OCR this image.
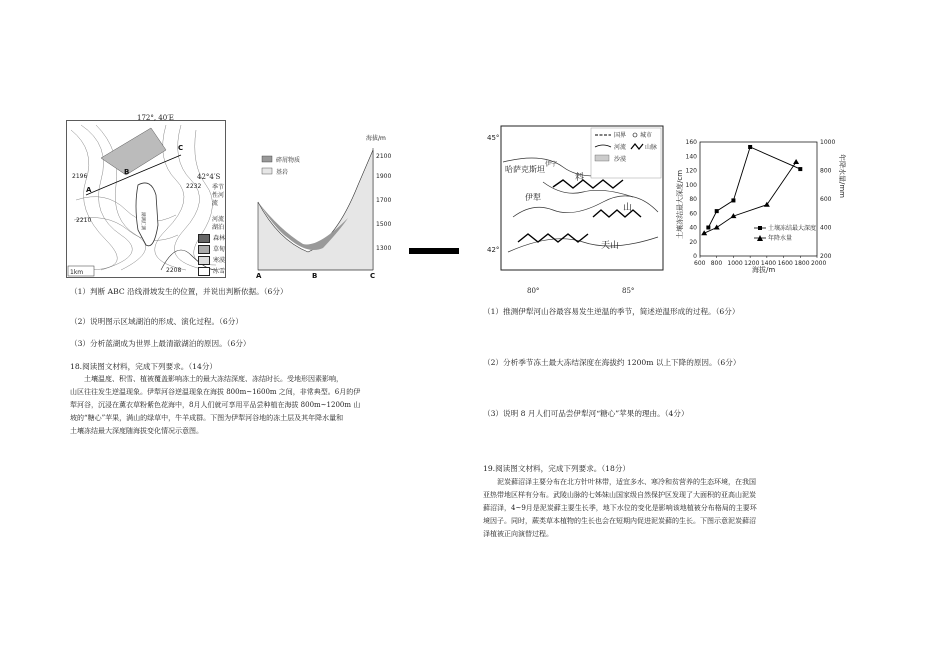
1km
2196
2232
2210
2208
A
B
C
潮湖汇湖
172°, 40′E
42°4′S
季节性河流
河流湖泊
森林
草甸
寒漠
冰雪
海拔/m
2100
1900
1700
1500
1300
A	B	C
碎屑物质
基岩
（1）判断 ABC 沿线滑坡发生的位置，并说出判断依据。（6分）
（2）说明图示区域湖泊的形成、演化过程。（6分）
（3）分析蓝湖成为世界上最清澈湖泊的原因。（6分）
18.阅读图文材料，完成下列要求。（14分）
土壤温度、积雪、植被覆盖影响冻土的最大冻结深度、冻结时长。受地形因素影响，
山区往往发生逆温现象。伊犁河谷逆温现象在海拔 800m~1600m 之间，非常典型。6月的伊
犁河谷，沉浸在薰衣草粉紫色花海中，8月人们就可享用平品尝种植在海拔 800m~1200m 山
坡的“糖心”苹果，满山的绿草中，牛羊成群。下图为伊犁河谷地的冻土层及其年降水量和
土壤冻结最大深度随海拔变化情况示意图。
45°
42°
哈萨克斯坦
伊犁
伊宁
天山
山
料
国界 城市
河流	山脉
沙漠
80°	85°
土壤冻结最大深度/cm	年降水量/mm
海拔/m
600 800 1000 1200 1400 1600 1800 2000
0
20
40
60
80
100
120
140
160
200
400
600
800
1000
土壤冻结最大深度
年降水量
（1）推测伊犁河山谷最容易发生逆温的季节，简述逆温形成的过程。（6分）
（2）分析季节冻土最大冻结深度在海拔约 1200m 以上下降的原因。（6分）
（3）说明 8 月人们可品尝伊犁河“糖心”苹果的理由。（4分）
19.阅读图文材料，完成下列要求。（18分）
泥炭藓沼泽主要分布在北方针叶林带，适宜多水、寒冷和贫营养的生态环境，在我国
亚热带地区样有分布。武陵山脉的七姊妹山国家级自然保护区发现了大面积的亚高山泥炭
藓沼泽，4~9月是泥炭藓主要生长季，地下水位的变化是影响该地植被分布格局的主要环
境因子。同时，蕨类草本植物的生长也会在短期内促进泥炭藓的生长。下图示意泥炭藓沼
泽植被正向演替过程。
